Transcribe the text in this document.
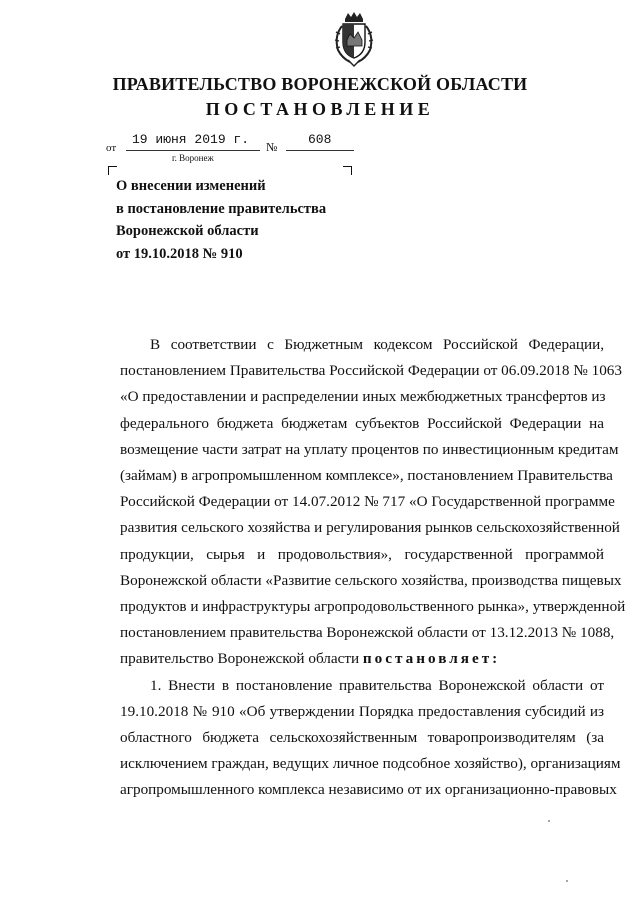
ПРАВИТЕЛЬСТВО ВОРОНЕЖСКОЙ ОБЛАСТИ
ПОСТАНОВЛЕНИЕ
от
19 июня 2019 г. № 608
г. Воронеж
О внесении изменений
в постановление правительства
Воронежской области
от 19.10.2018 № 910
В соответствии с Бюджетным кодексом Российской Федерации,
постановлением Правительства Российской Федерации от 06.09.2018 № 1063
«О предоставлении и распределении иных межбюджетных трансфертов из
федерального бюджета бюджетам субъектов Российской Федерации на
возмещение части затрат на уплату процентов по инвестиционным кредитам
(займам) в агропромышленном комплексе», постановлением Правительства
Российской Федерации от 14.07.2012 № 717 «О Государственной программе
развития сельского хозяйства и регулирования рынков сельскохозяйственной
продукции, сырья и продовольствия», государственной программой
Воронежской области «Развитие сельского хозяйства, производства пищевых
продуктов и инфраструктуры агропродовольственного рынка», утвержденной
постановлением правительства Воронежской области от 13.12.2013 № 1088,
правительство Воронежской области постановляет:
1. Внести в постановление правительства Воронежской области от
19.10.2018 № 910 «Об утверждении Порядка предоставления субсидий из
областного бюджета сельскохозяйственным товаропроизводителям (за
исключением граждан, ведущих личное подсобное хозяйство), организациям
агропромышленного комплекса независимо от их организационно-правовых
